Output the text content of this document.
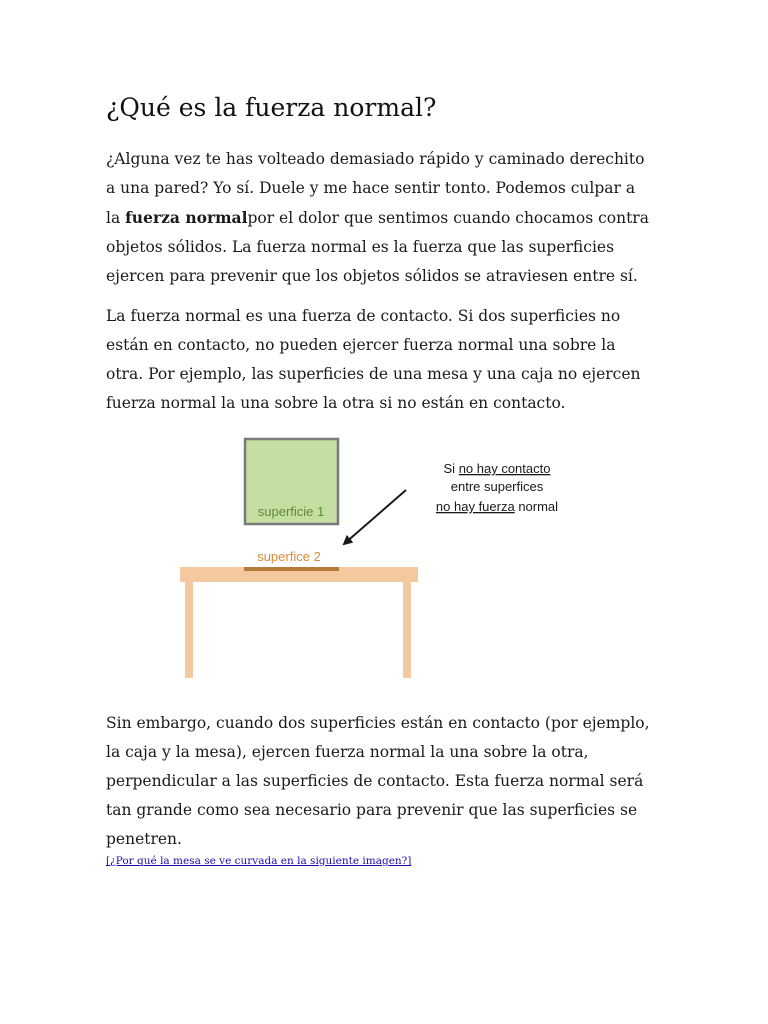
¿Qué es la fuerza normal?

¿Alguna vez te has volteado demasiado rápido y caminado derechito
a una pared? Yo sí. Duele y me hace sentir tonto. Podemos culpar a
la fuerza normalpor el dolor que sentimos cuando chocamos contra
objetos sólidos. La fuerza normal es la fuerza que las superficies
ejercen para prevenir que los objetos sólidos se atraviesen entre sí.

La fuerza normal es una fuerza de contacto. Si dos superficies no
están en contacto, no pueden ejercer fuerza normal una sobre la
otra. Por ejemplo, las superficies de una mesa y una caja no ejercen
fuerza normal la una sobre la otra si no están en contacto.

superficie 1
superfice 2
Si no hay contacto
entre superfices
no hay fuerza normal

Sin embargo, cuando dos superficies están en contacto (por ejemplo,
la caja y la mesa), ejercen fuerza normal la una sobre la otra,
perpendicular a las superficies de contacto. Esta fuerza normal será
tan grande como sea necesario para prevenir que las superficies se
penetren.

[¿Por qué la mesa se ve curvada en la siguiente imagen?]
